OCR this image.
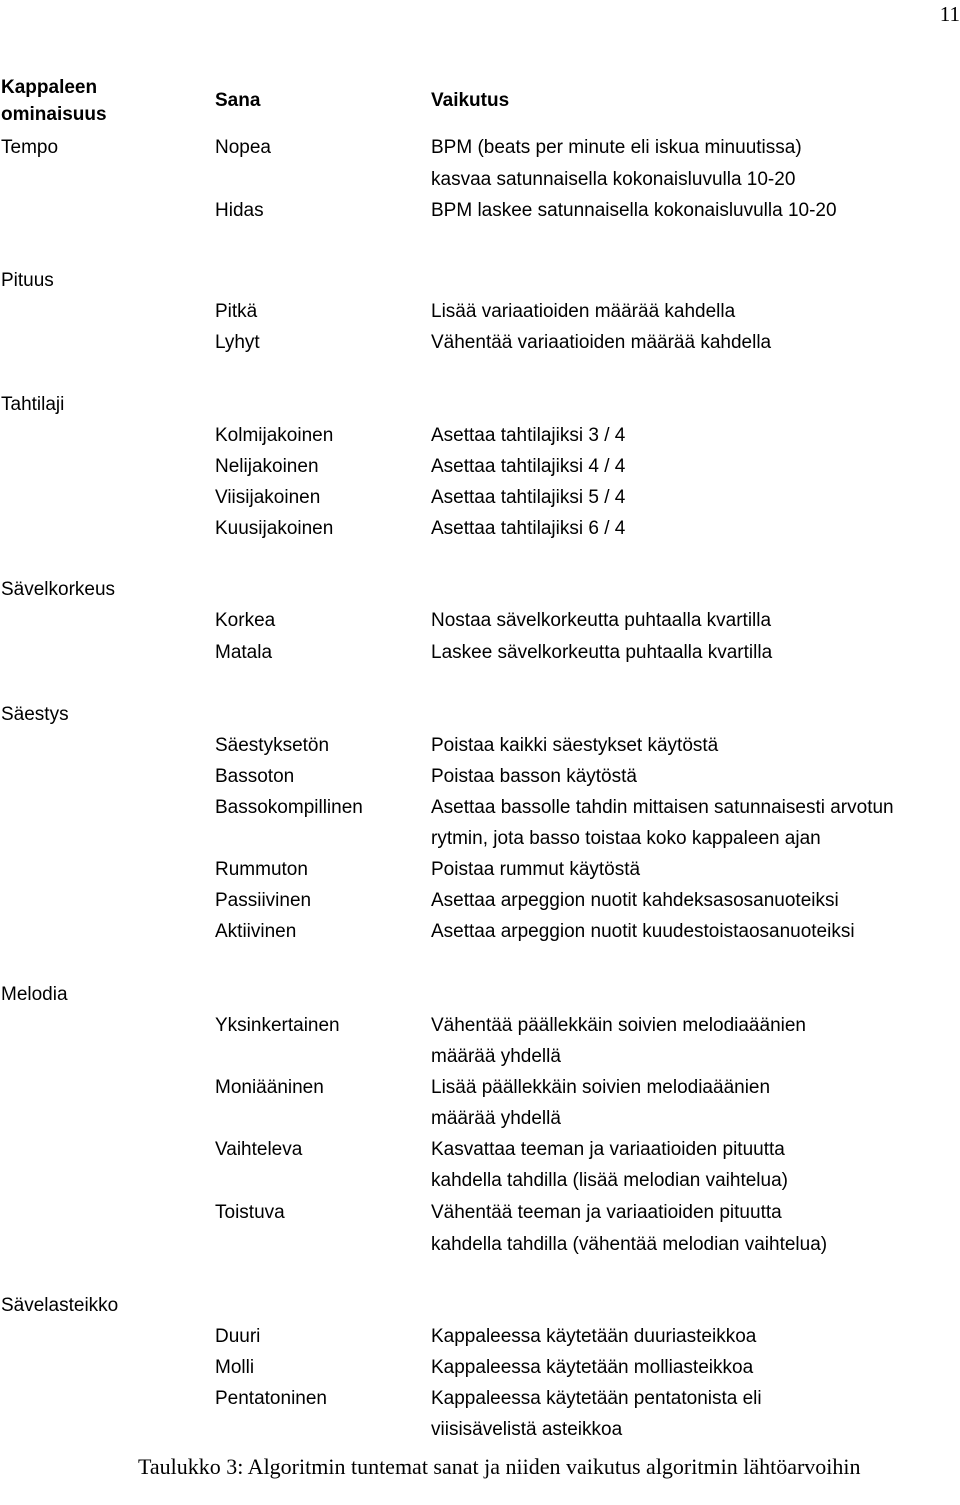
11
Kappaleen
ominaisuus
Sana	Vaikutus
Tempo	Nopea	BPM (beats per minute eli iskua minuutissa)
kasvaa satunnaisella kokonaisluvulla 10-20
Hidas	BPM laskee satunnaisella kokonaisluvulla 10-20
Pituus
Pitkä	Lisää variaatioiden määrää kahdella
Lyhyt	Vähentää variaatioiden määrää kahdella
Tahtilaji
Kolmijakoinen	Asettaa tahtilajiksi 3 / 4
Nelijakoinen	Asettaa tahtilajiksi 4 / 4
Viisijakoinen	Asettaa tahtilajiksi 5 / 4
Kuusijakoinen	Asettaa tahtilajiksi 6 / 4
Sävelkorkeus
Korkea	Nostaa sävelkorkeutta puhtaalla kvartilla
Matala	Laskee sävelkorkeutta puhtaalla kvartilla
Säestys
Säestyksetön	Poistaa kaikki säestykset käytöstä
Bassoton	Poistaa basson käytöstä
Bassokompillinen	Asettaa bassolle tahdin mittaisen satunnaisesti arvotun
rytmin, jota basso toistaa koko kappaleen ajan
Rummuton	Poistaa rummut käytöstä
Passiivinen	Asettaa arpeggion nuotit kahdeksasosanuoteiksi
Aktiivinen	Asettaa arpeggion nuotit kuudestoistaosanuoteiksi
Melodia
Yksinkertainen	Vähentää päällekkäin soivien melodiaäänien
määrää yhdellä
Moniääninen	Lisää päällekkäin soivien melodiaäänien
määrää yhdellä
Vaihteleva	Kasvattaa teeman ja variaatioiden pituutta
kahdella tahdilla (lisää melodian vaihtelua)
Toistuva	Vähentää teeman ja variaatioiden pituutta
kahdella tahdilla (vähentää melodian vaihtelua)
Sävelasteikko
Duuri	Kappaleessa käytetään duuriasteikkoa
Molli	Kappaleessa käytetään molliasteikkoa
Pentatoninen	Kappaleessa käytetään pentatonista eli
viisisävelistä asteikkoa
Taulukko 3: Algoritmin tuntemat sanat ja niiden vaikutus algoritmin lähtöarvoihin
